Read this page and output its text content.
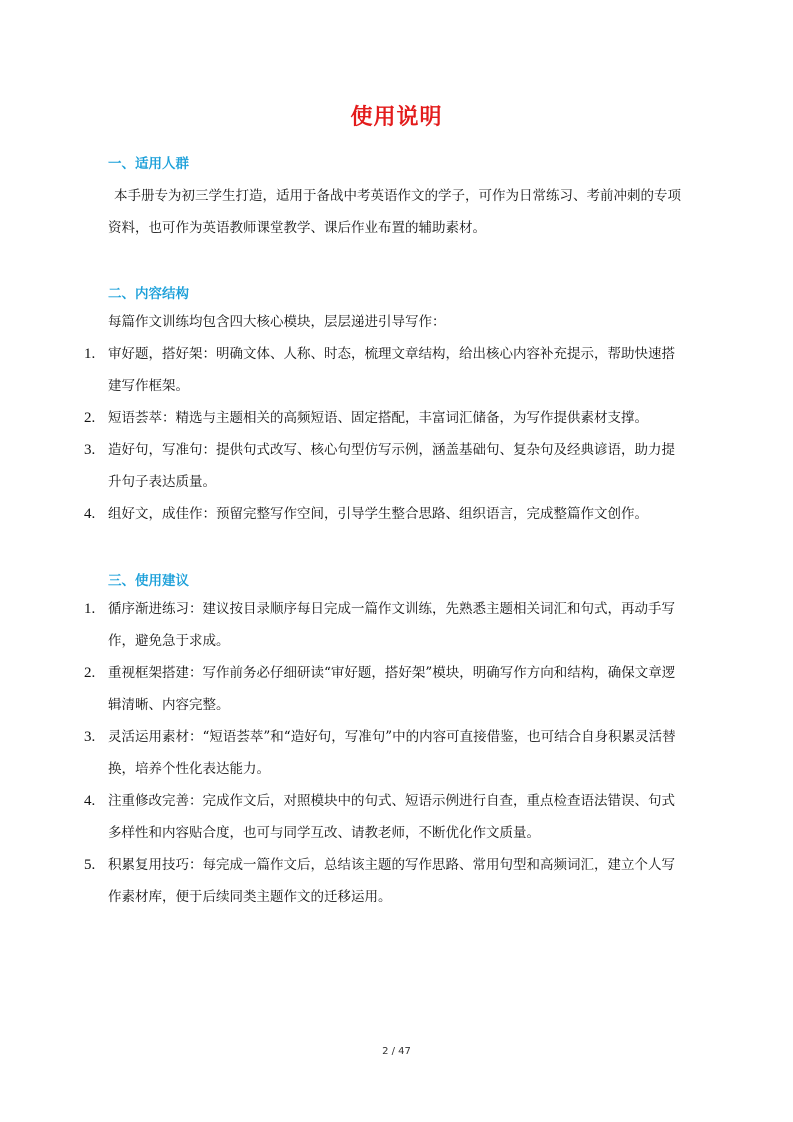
使用说明
一、适用人群
本手册专为初三学生打造，适用于备战中考英语作文的学子，可作为日常练习、考前冲刺的专项资料，也可作为英语教师课堂教学、课后作业布置的辅助素材。
二、内容结构
每篇作文训练均包含四大核心模块，层层递进引导写作：
1. 审好题，搭好架：明确文体、人称、时态，梳理文章结构，给出核心内容补充提示，帮助快速搭建写作框架。
2. 短语荟萃：精选与主题相关的高频短语、固定搭配，丰富词汇储备，为写作提供素材支撑。
3. 造好句，写准句：提供句式改写、核心句型仿写示例，涵盖基础句、复杂句及经典谚语，助力提升句子表达质量。
4. 组好文，成佳作：预留完整写作空间，引导学生整合思路、组织语言，完成整篇作文创作。
三、使用建议
1. 循序渐进练习：建议按目录顺序每日完成一篇作文训练，先熟悉主题相关词汇和句式，再动手写作，避免急于求成。
2. 重视框架搭建：写作前务必仔细研读“审好题，搭好架”模块，明确写作方向和结构，确保文章逻辑清晰、内容完整。
3. 灵活运用素材：“短语荟萃”和“造好句，写准句”中的内容可直接借鉴，也可结合自身积累灵活替换，培养个性化表达能力。
4. 注重修改完善：完成作文后，对照模块中的句式、短语示例进行自查，重点检查语法错误、句式多样性和内容贴合度，也可与同学互改、请教老师，不断优化作文质量。
5. 积累复用技巧：每完成一篇作文后，总结该主题的写作思路、常用句型和高频词汇，建立个人写作素材库，便于后续同类主题作文的迁移运用。
2 / 47
